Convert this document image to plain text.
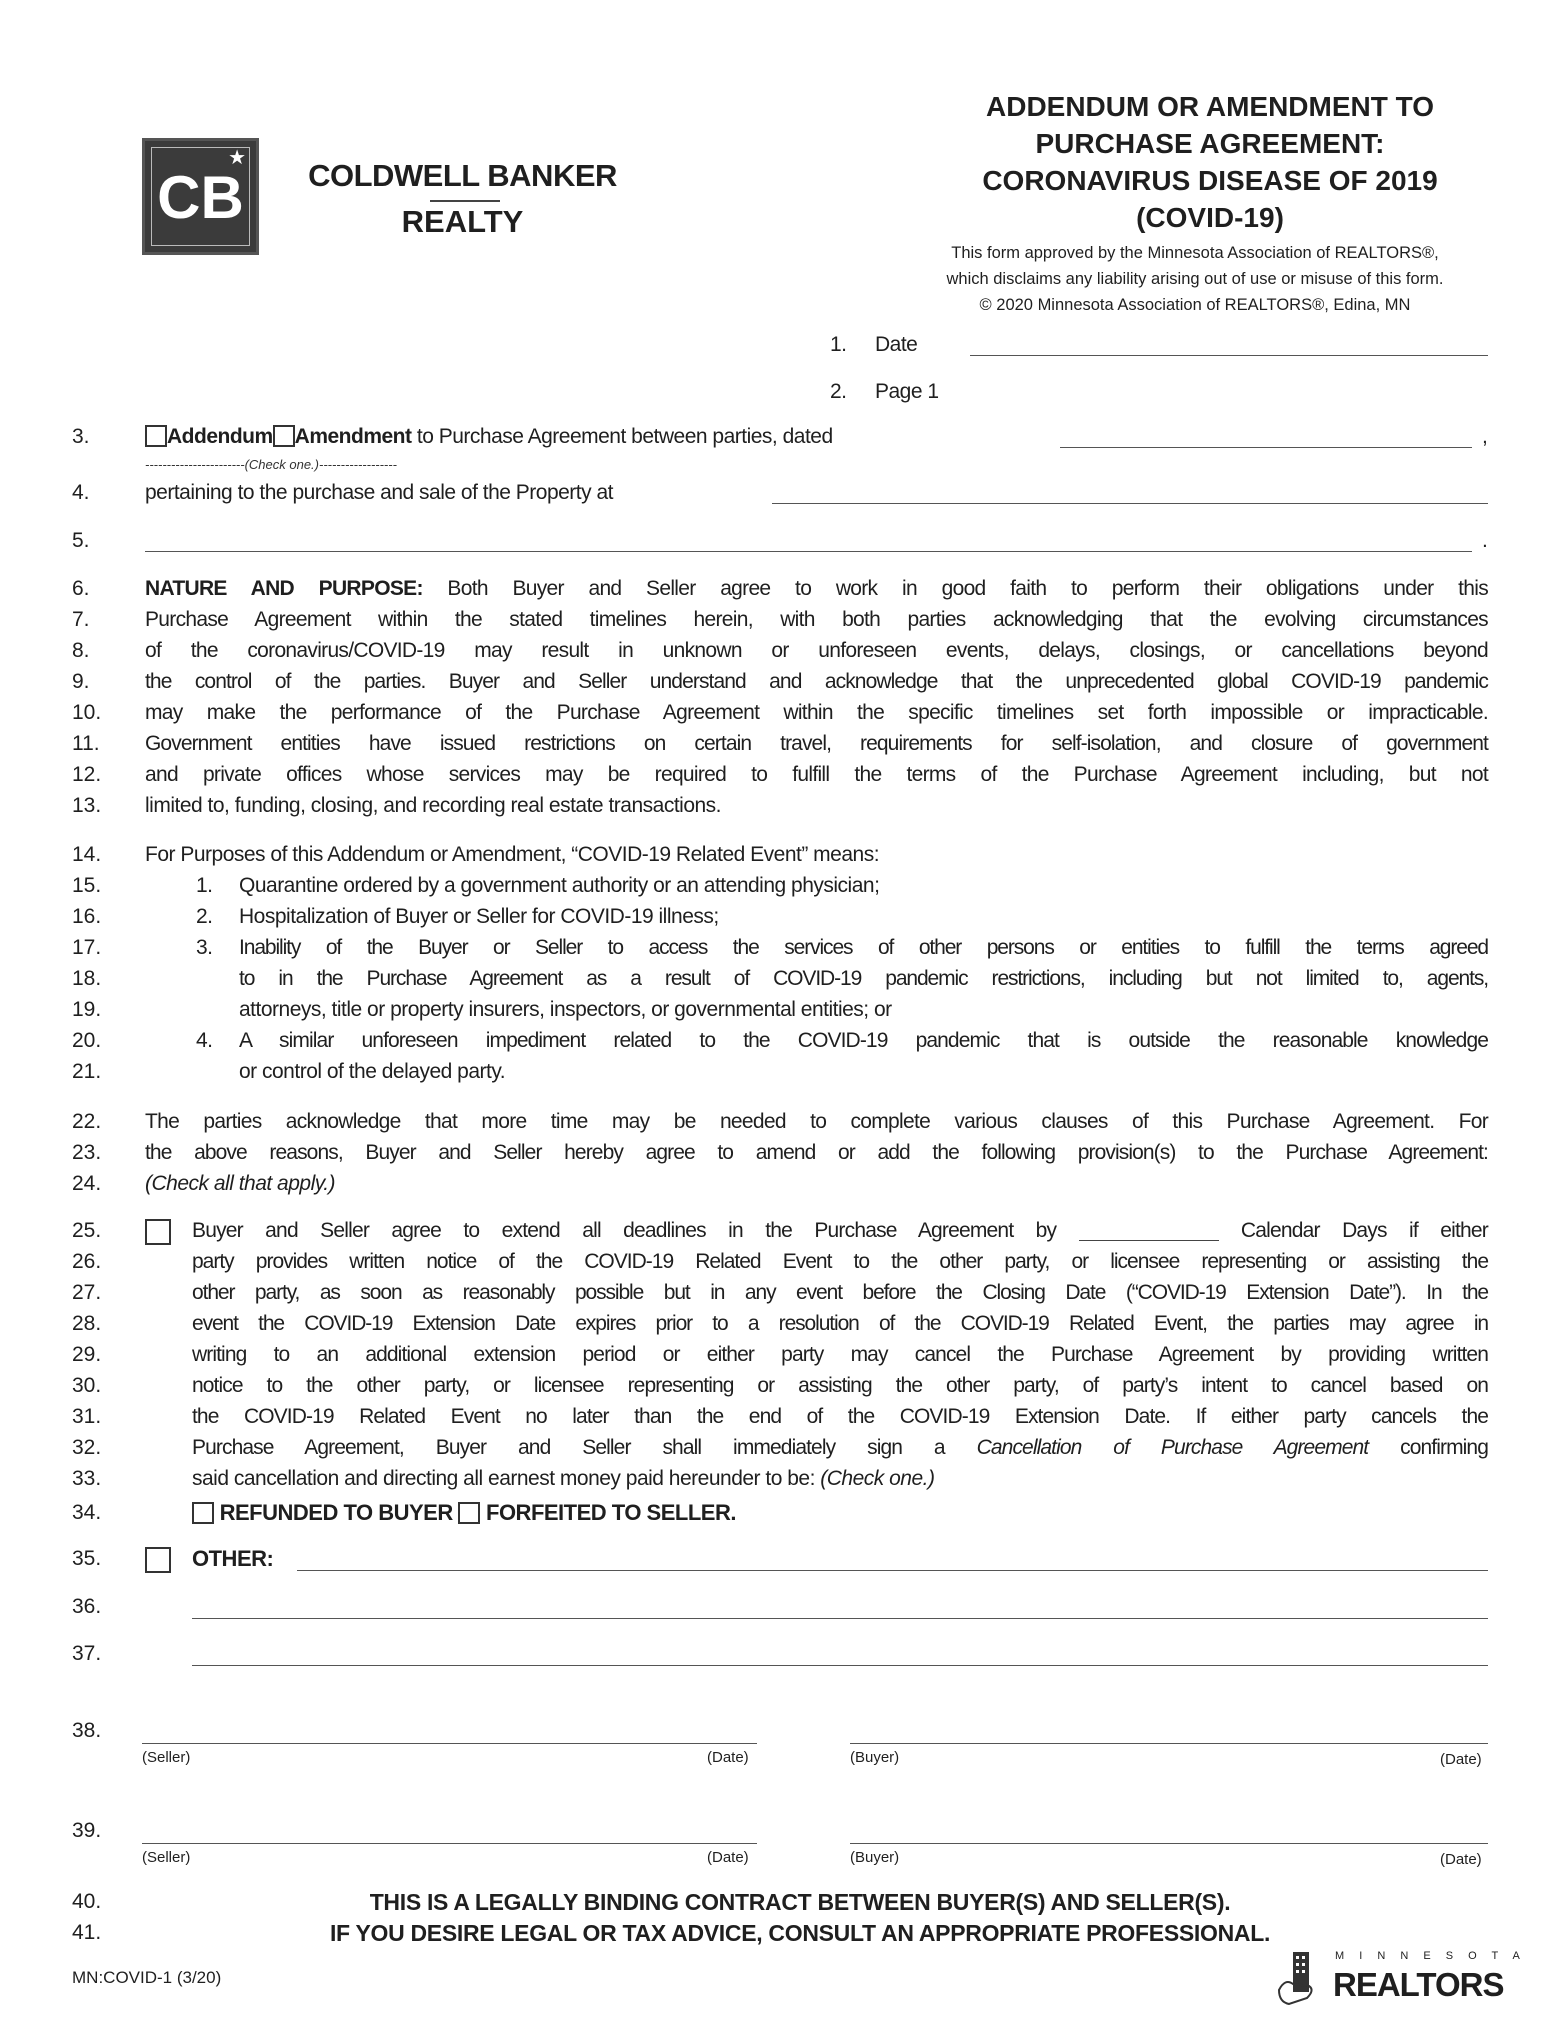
CB
★	COLDWELL BANKER
REALTY
ADDENDUM OR AMENDMENT TO
PURCHASE AGREEMENT:
CORONAVIRUS DISEASE OF 2019
(COVID-19)
This form approved by the Minnesota Association of REALTORS®,
which disclaims any liability arising out of use or misuse of this form.
© 2020 Minnesota Association of REALTORS®, Edina, MN
1. Date
2. Page 1
3.	Addendum Amendment to Purchase Agreement between parties, dated	,
-----------------------(Check one.)------------------
4.	pertaining to the purchase and sale of the Property at
5.	.
6.	NATURE AND PURPOSE: Both Buyer and Seller agree to work in good faith to perform their obligations under this
7.	Purchase Agreement within the stated timelines herein, with both parties acknowledging that the evolving circumstances
8.	of the coronavirus/COVID-19 may result in unknown or unforeseen events, delays, closings, or cancellations beyond
9.	the control of the parties. Buyer and Seller understand and acknowledge that the unprecedented global COVID-19 pandemic
10. may make the performance of the Purchase Agreement within the specific timelines set forth impossible or impracticable.
11. Government entities have issued restrictions on certain travel, requirements for self-isolation, and closure of government
12. and private offices whose services may be required to fulfill the terms of the Purchase Agreement including, but not
13. limited to, funding, closing, and recording real estate transactions.
14. For Purposes of this Addendum or Amendment, “COVID-19 Related Event” means:
15.	1. Quarantine ordered by a government authority or an attending physician;
16.	2. Hospitalization of Buyer or Seller for COVID-19 illness;
17.	3. Inability of the Buyer or Seller to access the services of other persons or entities to fulfill the terms agreed
18.	to in the Purchase Agreement as a result of COVID-19 pandemic restrictions, including but not limited to, agents,
19.	attorneys, title or property insurers, inspectors, or governmental entities; or
20.	4. A similar unforeseen impediment related to the COVID-19 pandemic that is outside the reasonable knowledge
21.	or control of the delayed party.
22. The parties acknowledge that more time may be needed to complete various clauses of this Purchase Agreement. For
23. the above reasons, Buyer and Seller hereby agree to amend or add the following provision(s) to the Purchase Agreement:
24. (Check all that apply.)
25.	Buyer and Seller agree to extend all deadlines in the Purchase Agreement by	Calendar Days if either
26.	party provides written notice of the COVID-19 Related Event to the other party, or licensee representing or assisting the
27.	other party, as soon as reasonably possible but in any event before the Closing Date (“COVID-19 Extension Date”). In the
28.	event the COVID-19 Extension Date expires prior to a resolution of the COVID-19 Related Event, the parties may agree in
29.	writing to an additional extension period or either party may cancel the Purchase Agreement by providing written
30.	notice to the other party, or licensee representing or assisting the other party, of party’s intent to cancel based on
31.	the COVID-19 Related Event no later than the end of the COVID-19 Extension Date. If either party cancels the
32.	Purchase Agreement, Buyer and Seller shall immediately sign a Cancellation of Purchase Agreement confirming
33.	said cancellation and directing all earnest money paid hereunder to be: (Check one.)
34.	REFUNDED TO BUYER FORFEITED TO SELLER.
35.	OTHER:
36.
37.
38.
(Seller)	(Date)	(Buyer)	(Date)
39.
(Seller)	(Date)	(Buyer)	(Date)
40.	THIS IS A LEGALLY BINDING CONTRACT BETWEEN BUYER(S) AND SELLER(S).
41.	IF YOU DESIRE LEGAL OR TAX ADVICE, CONSULT AN APPROPRIATE PROFESSIONAL.
MN:COVID-1 (3/20)
M I N N E S O T A
REALTORS
